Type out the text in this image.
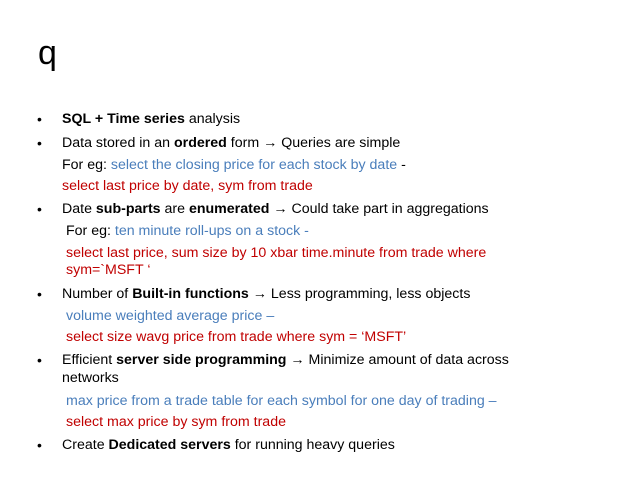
q
• SQL + Time series analysis
• Data stored in an ordered form → Queries are simple
For eg: select the closing price for each stock by date -
select last price by date, sym from trade
• Date sub-parts are enumerated → Could take part in aggregations
For eg: ten minute roll-ups on a stock -
select last price, sum size by 10 xbar time.minute from trade where
sym=`MSFT ‘
• Number of Built-in functions → Less programming, less objects
volume weighted average price –
select size wavg price from trade where sym = ‘MSFT’
• Efficient server side programming → Minimize amount of data across
networks
max price from a trade table for each symbol for one day of trading –
select max price by sym from trade
• Create Dedicated servers for running heavy queries
